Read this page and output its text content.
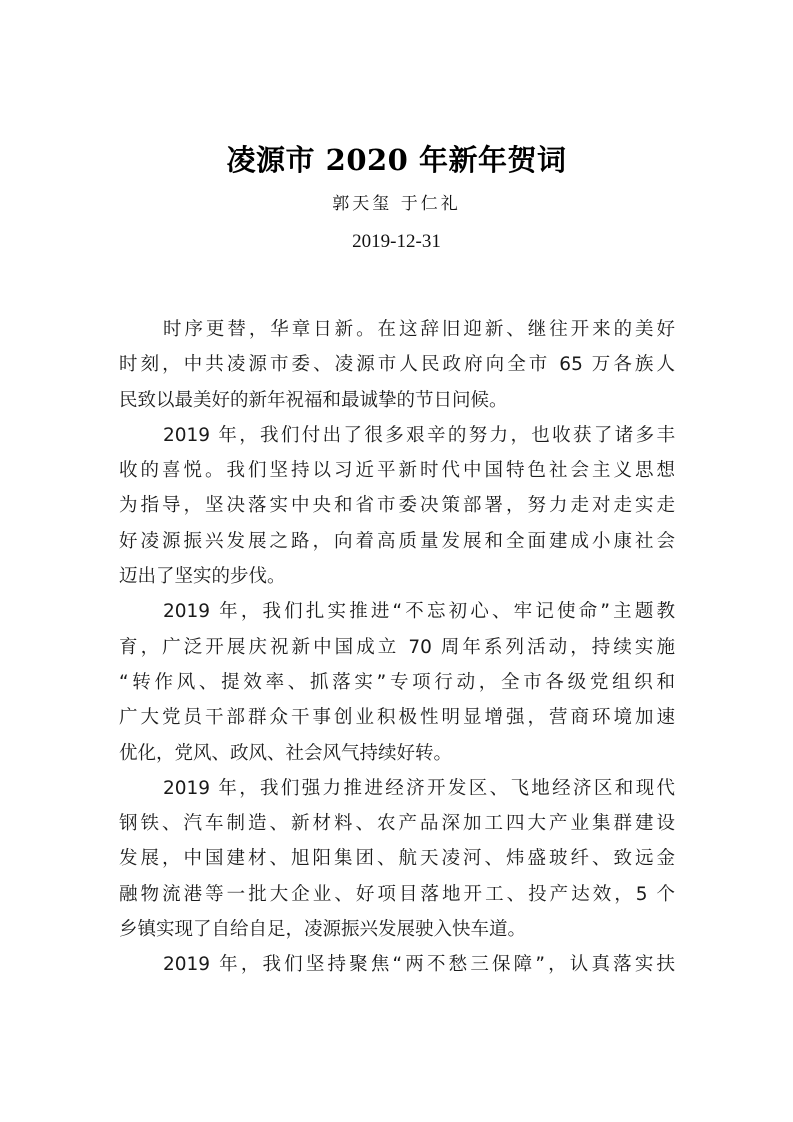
凌源市 2020 年新年贺词
郭天玺 于仁礼
2019-12-31
时序更替，华章日新。在这辞旧迎新、继往开来的美好
时刻，中共凌源市委、凌源市人民政府向全市 65 万各族人
民致以最美好的新年祝福和最诚挚的节日问候。
2019 年，我们付出了很多艰辛的努力，也收获了诸多丰
收的喜悦。我们坚持以习近平新时代中国特色社会主义思想
为指导，坚决落实中央和省市委决策部署，努力走对走实走
好凌源振兴发展之路，向着高质量发展和全面建成小康社会
迈出了坚实的步伐。
2019 年，我们扎实推进“不忘初心、牢记使命”主题教
育，广泛开展庆祝新中国成立 70 周年系列活动，持续实施
“转作风、提效率、抓落实”专项行动，全市各级党组织和
广大党员干部群众干事创业积极性明显增强，营商环境加速
优化，党风、政风、社会风气持续好转。
2019 年，我们强力推进经济开发区、飞地经济区和现代
钢铁、汽车制造、新材料、农产品深加工四大产业集群建设
发展，中国建材、旭阳集团、航天凌河、炜盛玻纤、致远金
融物流港等一批大企业、好项目落地开工、投产达效，5 个
乡镇实现了自给自足，凌源振兴发展驶入快车道。
2019 年，我们坚持聚焦“两不愁三保障”，认真落实扶
